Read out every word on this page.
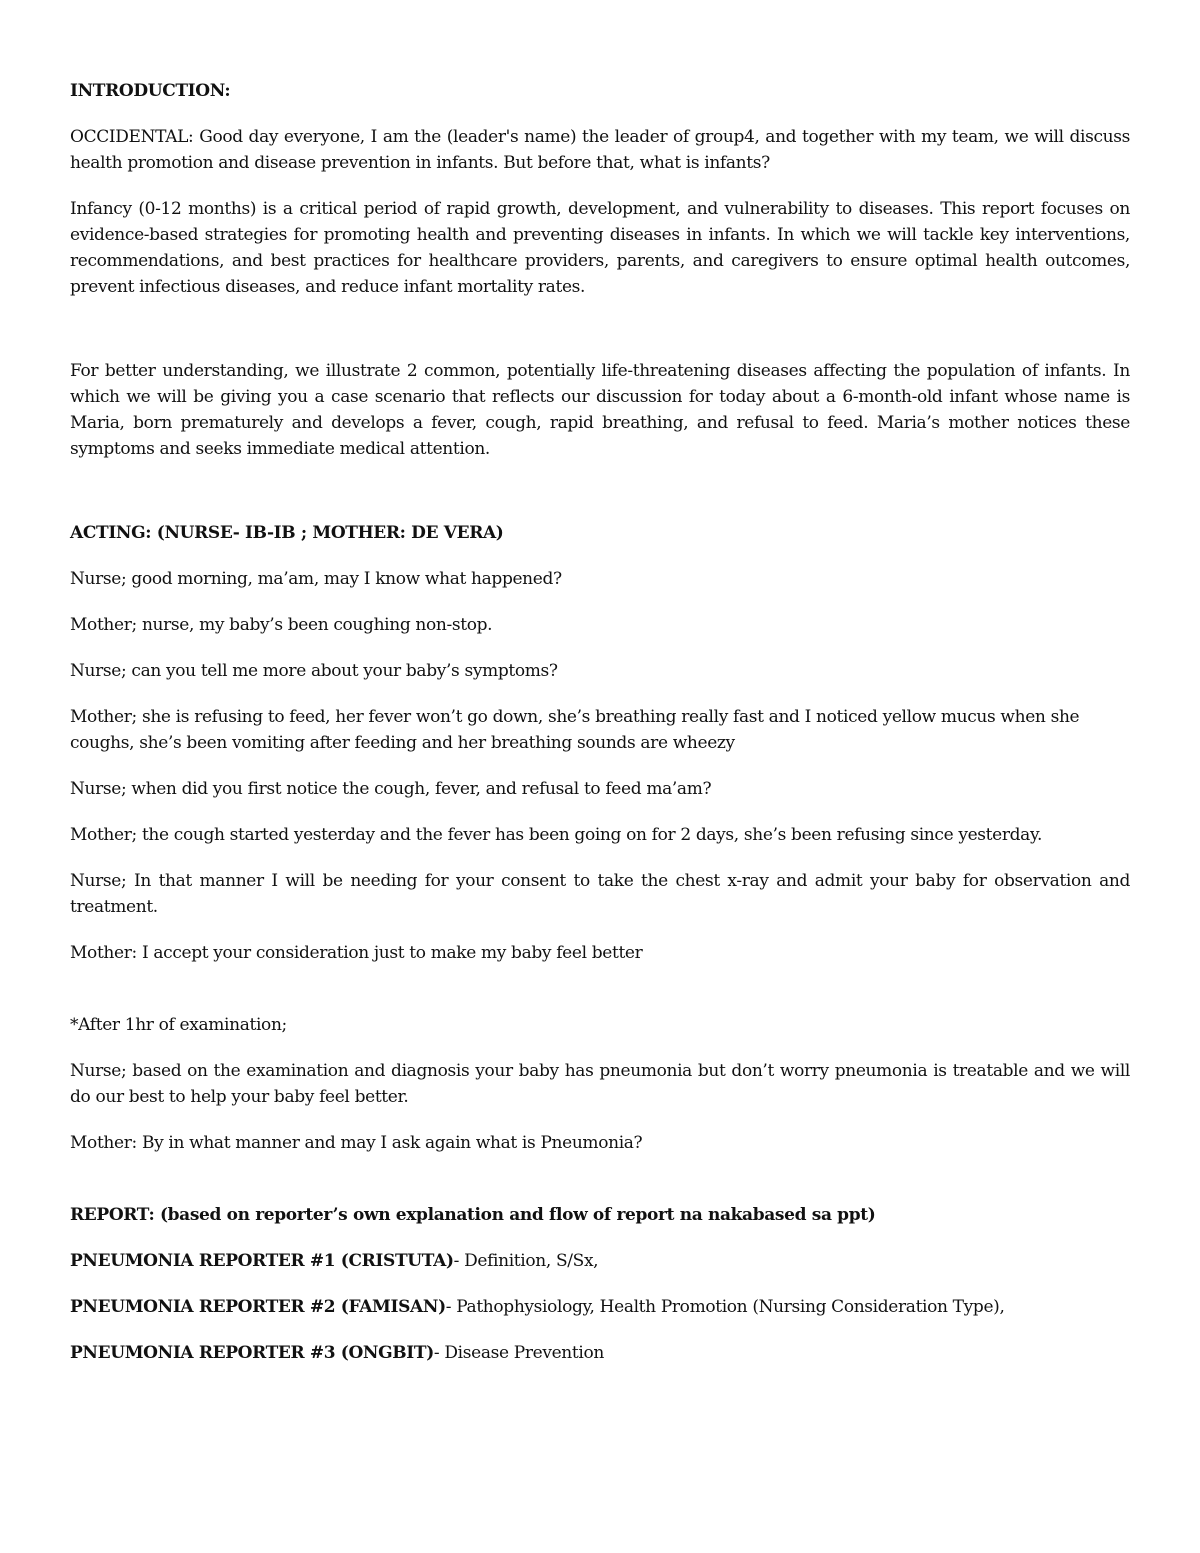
INTRODUCTION:

OCCIDENTAL: Good day everyone, I am the (leader's name) the leader of group4, and together with my team, we will discuss health promotion and disease prevention in infants. But before that, what is infants?

Infancy (0-12 months) is a critical period of rapid growth, development, and vulnerability to diseases. This report focuses on evidence-based strategies for promoting health and preventing diseases in infants. In which we will tackle key interventions, recommendations, and best practices for healthcare providers, parents, and caregivers to ensure optimal health outcomes, prevent infectious diseases, and reduce infant mortality rates.

For better understanding, we illustrate 2 common, potentially life-threatening diseases affecting the population of infants. In which we will be giving you a case scenario that reflects our discussion for today about a 6-month-old infant whose name is Maria, born prematurely and develops a fever, cough, rapid breathing, and refusal to feed. Maria’s mother notices these symptoms and seeks immediate medical attention.

ACTING: (NURSE- IB-IB ; MOTHER: DE VERA)

Nurse; good morning, ma’am, may I know what happened?

Mother; nurse, my baby’s been coughing non-stop.

Nurse; can you tell me more about your baby’s symptoms?

Mother; she is refusing to feed, her fever won’t go down, she’s breathing really fast and I noticed yellow mucus when she coughs, she’s been vomiting after feeding and her breathing sounds are wheezy

Nurse; when did you first notice the cough, fever, and refusal to feed ma’am?

Mother; the cough started yesterday and the fever has been going on for 2 days, she’s been refusing since yesterday.

Nurse; In that manner I will be needing for your consent to take the chest x-ray and admit your baby for observation and treatment.

Mother: I accept your consideration just to make my baby feel better

*After 1hr of examination;

Nurse; based on the examination and diagnosis your baby has pneumonia but don’t worry pneumonia is treatable and we will do our best to help your baby feel better.

Mother: By in what manner and may I ask again what is Pneumonia?

REPORT: (based on reporter’s own explanation and flow of report na nakabased sa ppt)

PNEUMONIA REPORTER #1 (CRISTUTA)- Definition, S/Sx,

PNEUMONIA REPORTER #2 (FAMISAN)- Pathophysiology, Health Promotion (Nursing Consideration Type),

PNEUMONIA REPORTER #3 (ONGBIT)- Disease Prevention
